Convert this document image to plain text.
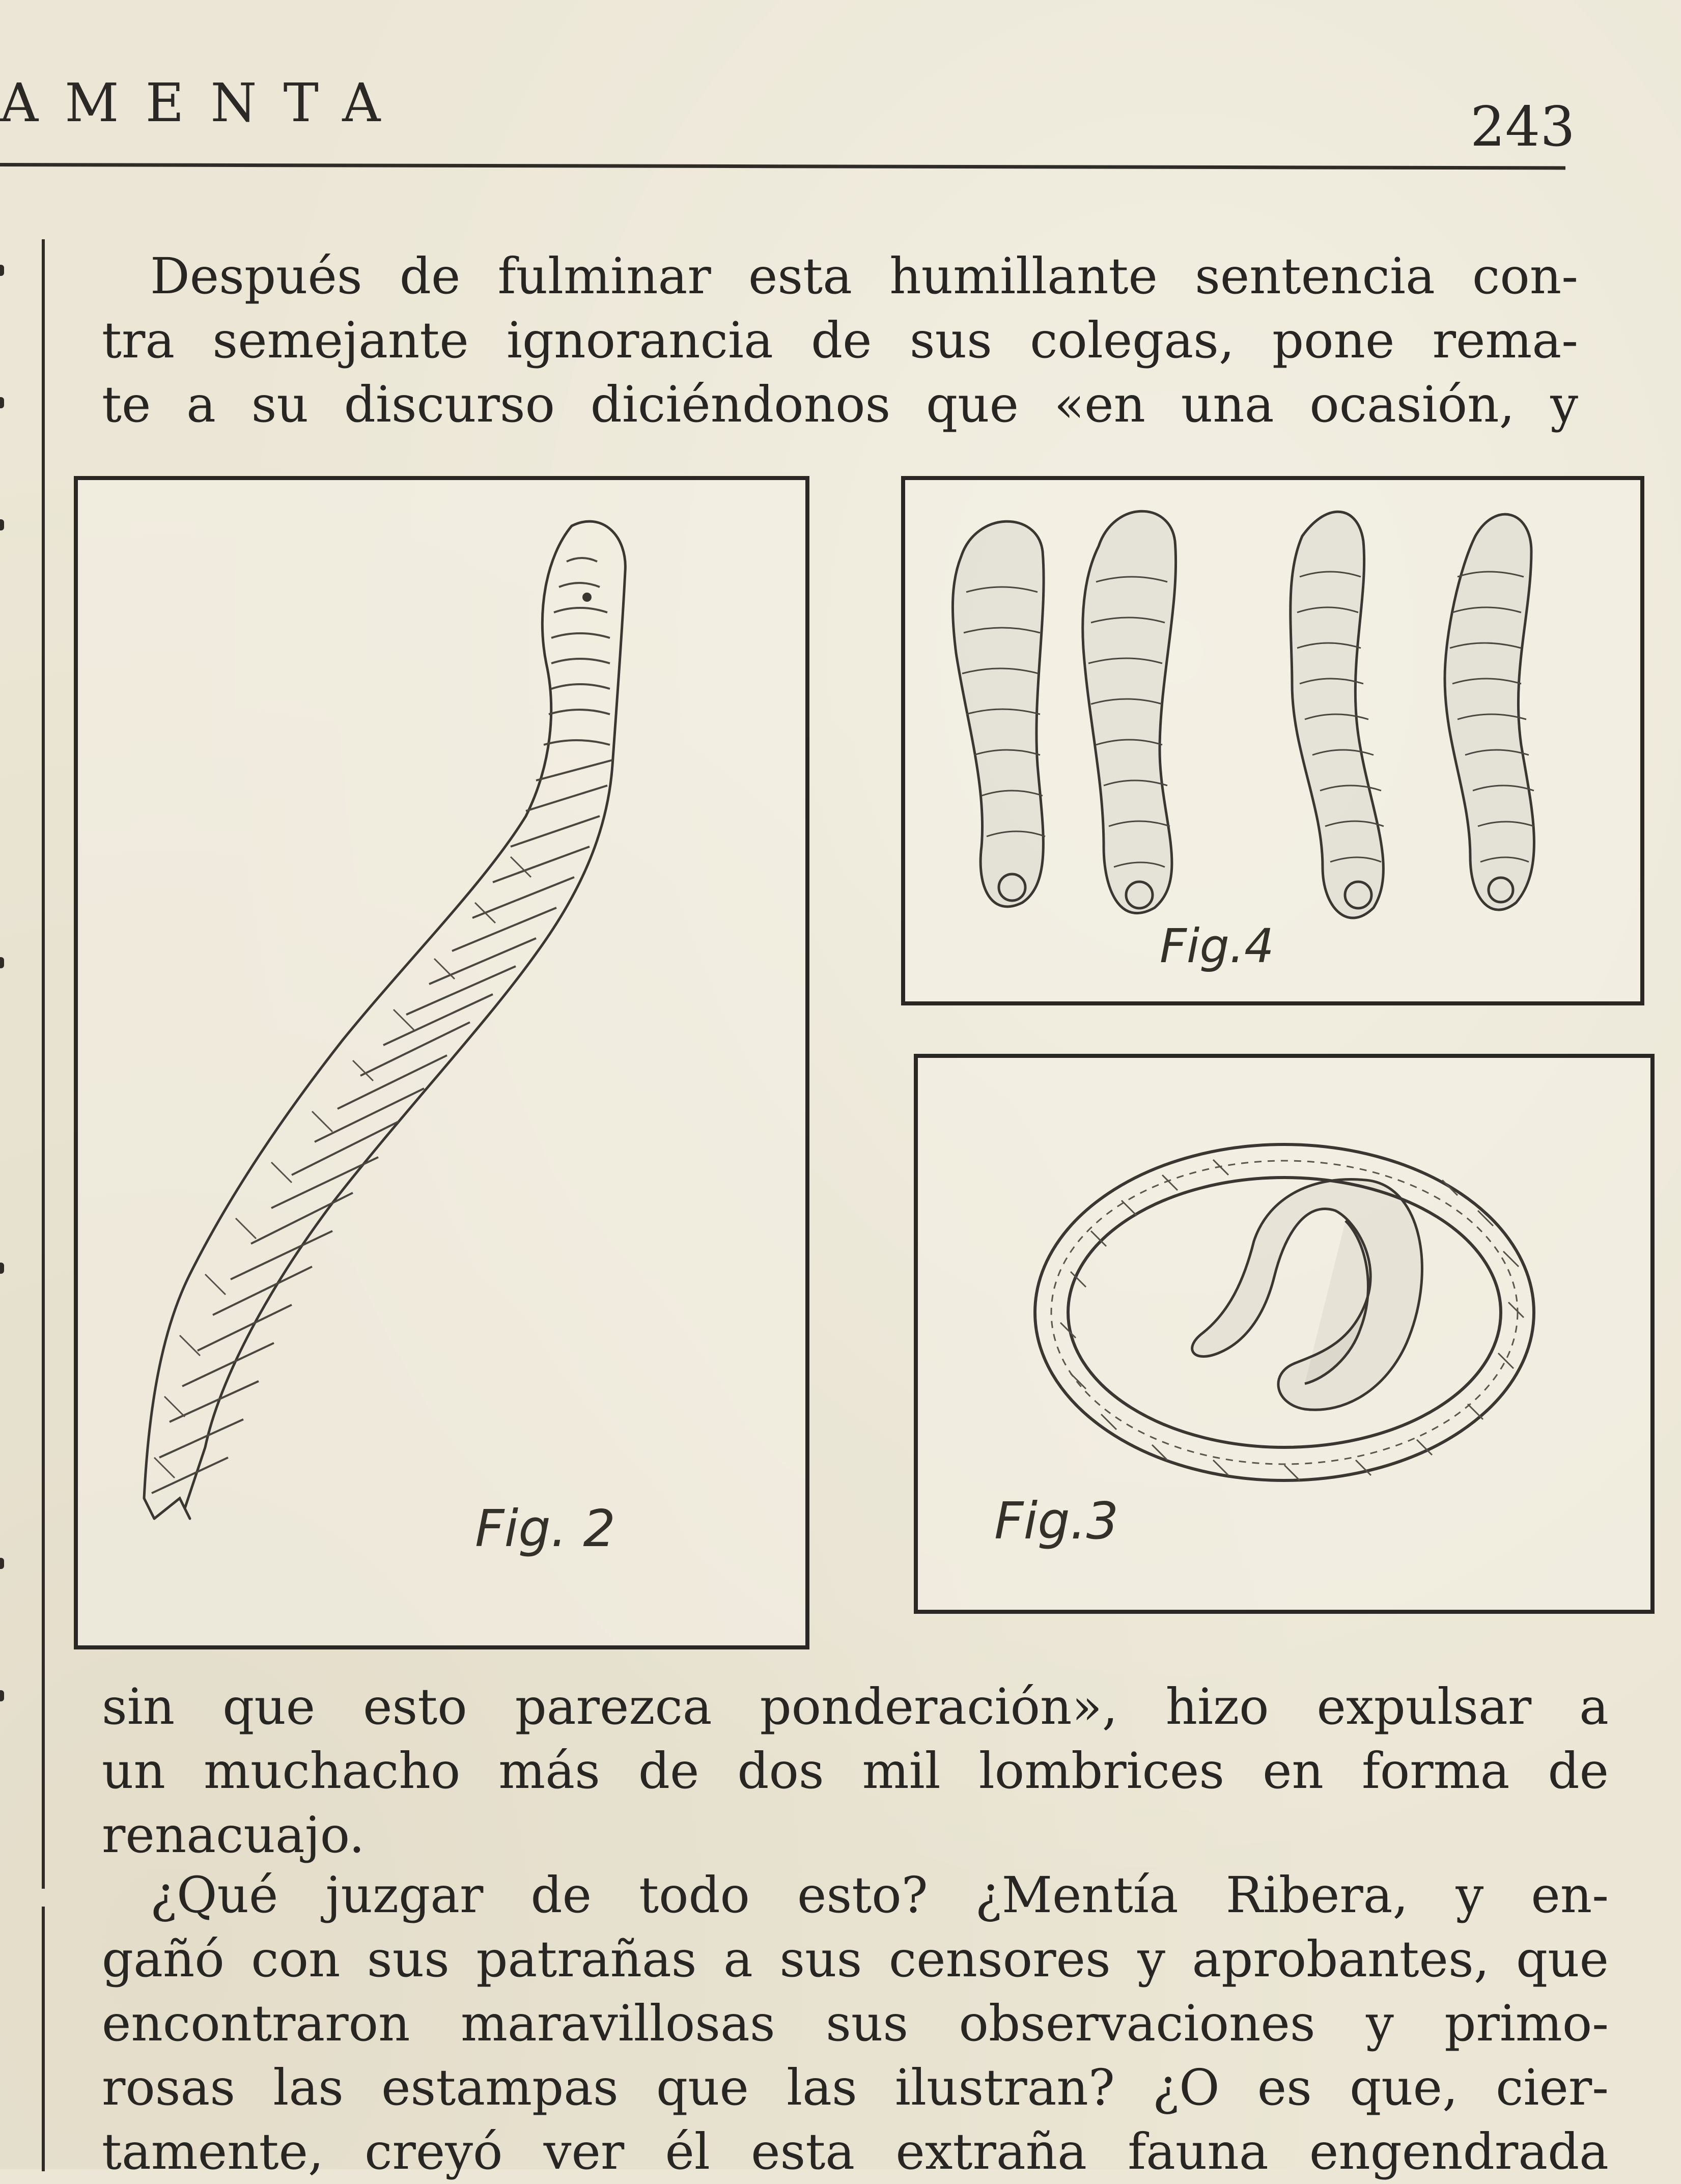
AMENTA	243

Después de fulminar esta humillante sentencia con-
tra semejante ignorancia de sus colegas, pone rema-
te a su discurso diciéndonos que «en una ocasión, y

Fig. 2
Fig.4
Fig.3

sin que esto parezca ponderación», hizo expulsar a
un muchacho más de dos mil lombrices en forma de
renacuajo.

¿Qué juzgar de todo esto? ¿Mentía Ribera, y en-
gañó con sus patrañas a sus censores y aprobantes, que
encontraron maravillosas sus observaciones y primo-
rosas las estampas que las ilustran? ¿O es que, cier-
tamente, creyó ver él esta extraña fauna engendrada
